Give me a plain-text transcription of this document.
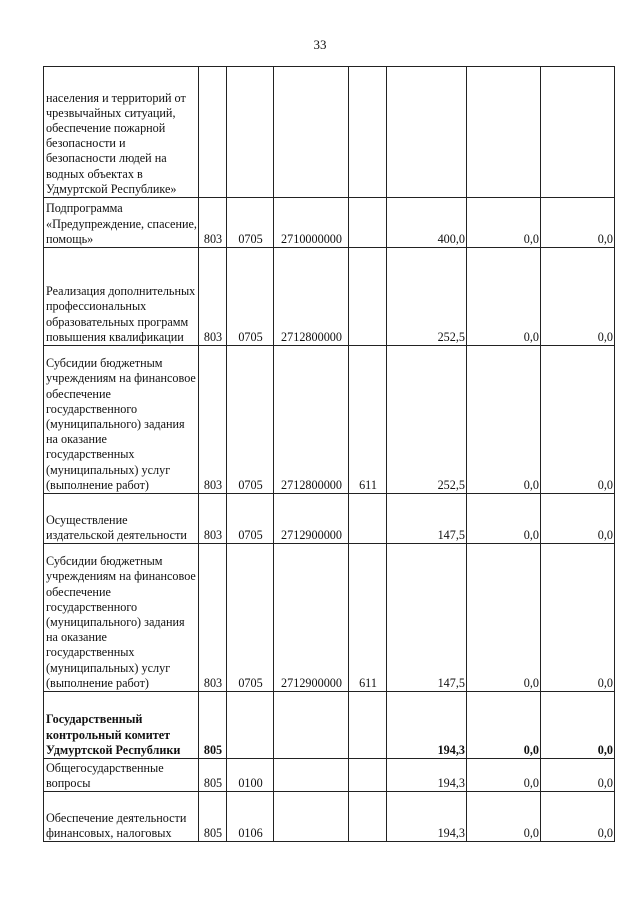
33
населения и территорий от чрезвычайных ситуаций, обеспечение пожарной безопасности и безопасности людей на водных объектах в Удмуртской Республике»							
Подпрограмма «Предупреждение, спасение, помощь»	803	0705	2710000000		400,0	0,0	0,0
Реализация дополнительных профессиональных образовательных программ повышения квалификации	803	0705	2712800000		252,5	0,0	0,0
Субсидии бюджетным учреждениям на финансовое обеспечение государственного (муниципального) задания на оказание государственных (муниципальных) услуг (выполнение работ)	803	0705	2712800000	611	252,5	0,0	0,0
Осуществление издательской деятельности	803	0705	2712900000		147,5	0,0	0,0
Субсидии бюджетным учреждениям на финансовое обеспечение государственного (муниципального) задания на оказание государственных (муниципальных) услуг (выполнение работ)	803	0705	2712900000	611	147,5	0,0	0,0
Государственный контрольный комитет Удмуртской Республики	805				194,3	0,0	0,0
Общегосударственные вопросы	805	0100			194,3	0,0	0,0
Обеспечение деятельности финансовых, налоговых	805	0106			194,3	0,0	0,0
